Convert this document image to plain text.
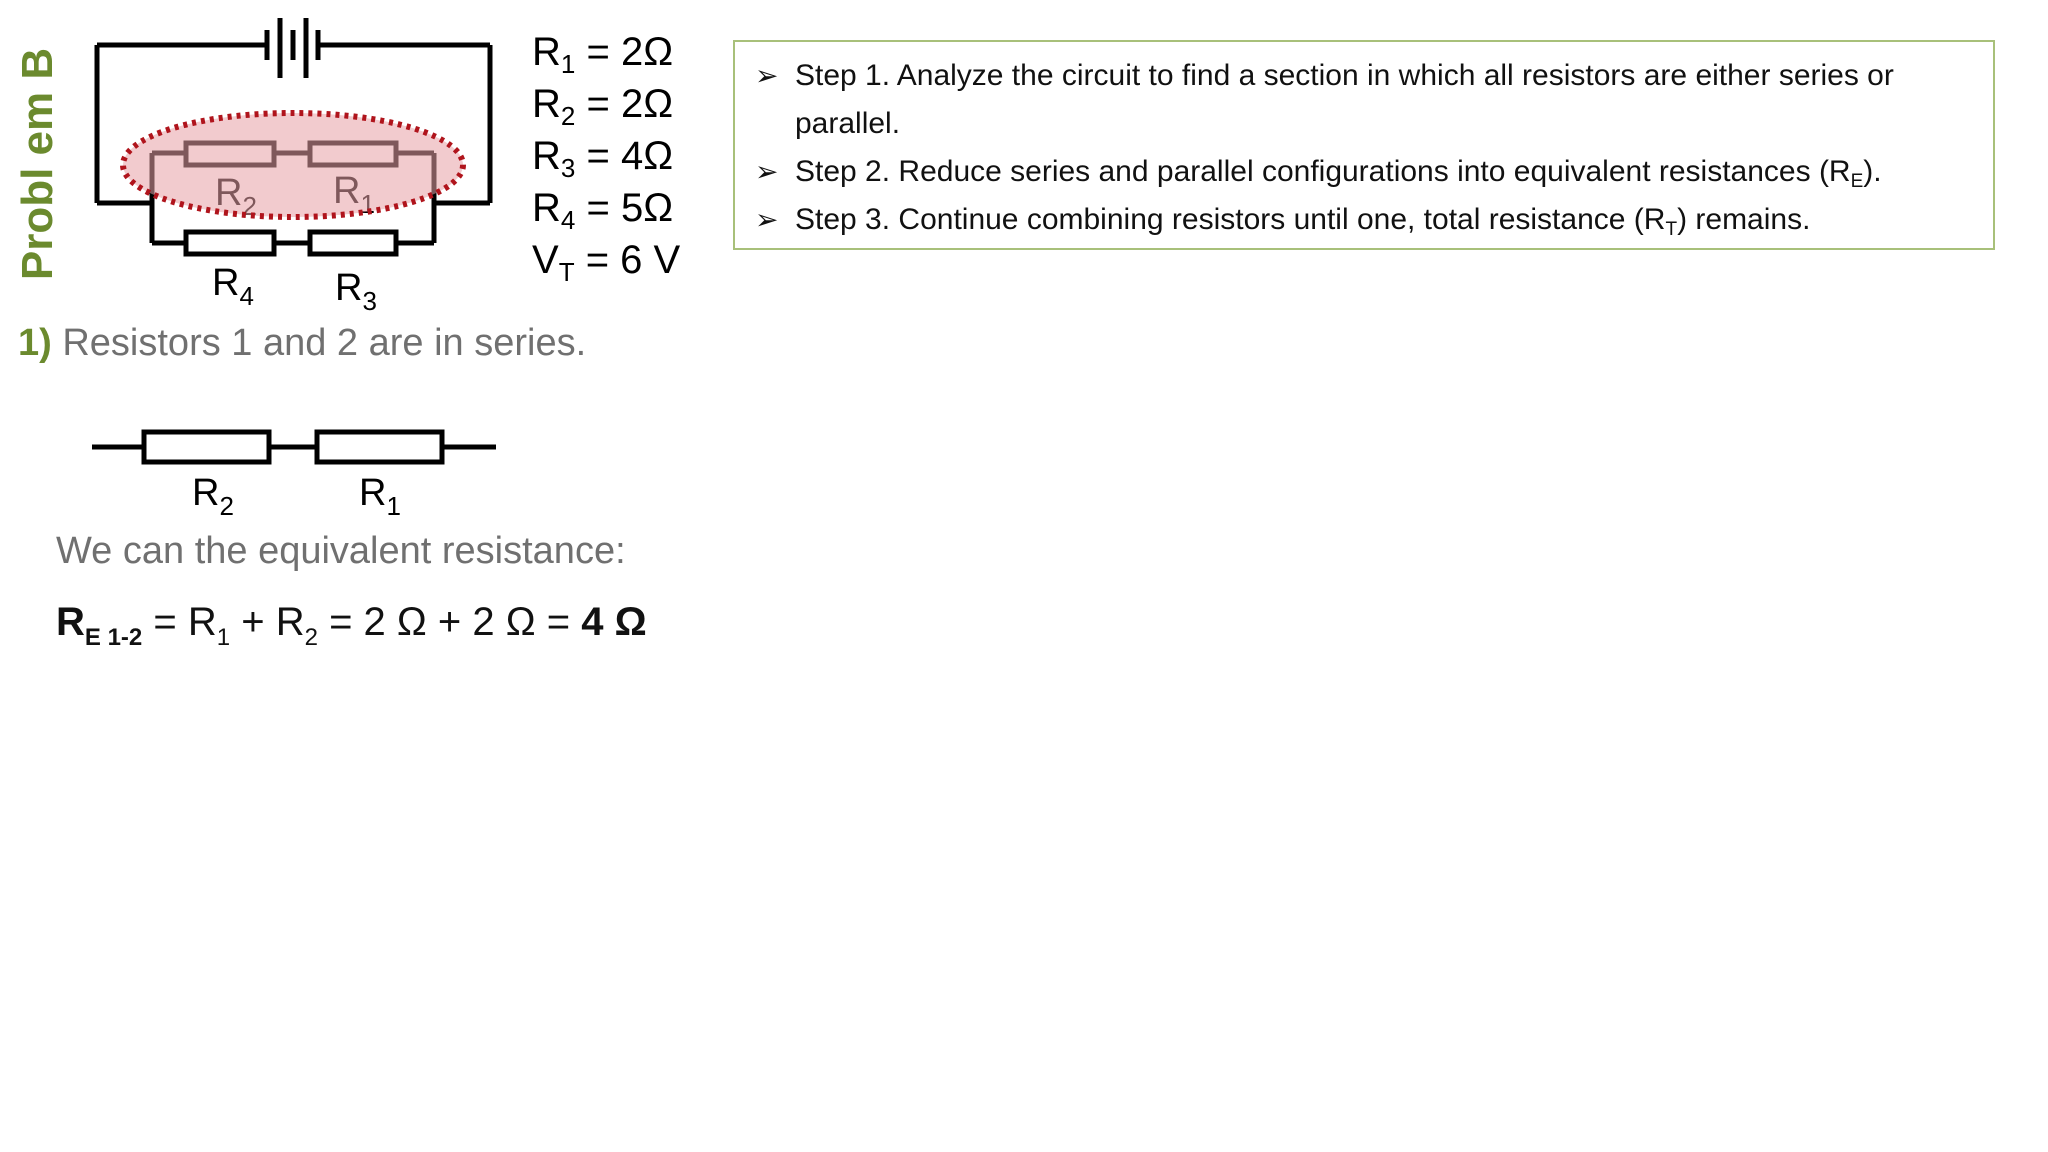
Probl em B
$R_4$ $R_3$
$R_1 = 2\Omega$
$R_2 = 2\Omega$
$R_3 = 4\Omega$
$R_4 = 5\Omega$
$V_T = 6$ V
➢ Step 1. Analyze the circuit to find a section in which all resistors are either series or parallel.
➢ Step 2. Reduce series and parallel configurations into equivalent resistances $(R_E)$.
➢ Step 3. Continue combining resistors until one, total resistance $(R_T)$ remains.
1) Resistors 1 and 2 are in series.
$R_2$	$R_1$
We can the equivalent resistance:
$R_{E 1-2} = R_1 + R_2 = 2$ Ω + 2 Ω = 4 Ω
